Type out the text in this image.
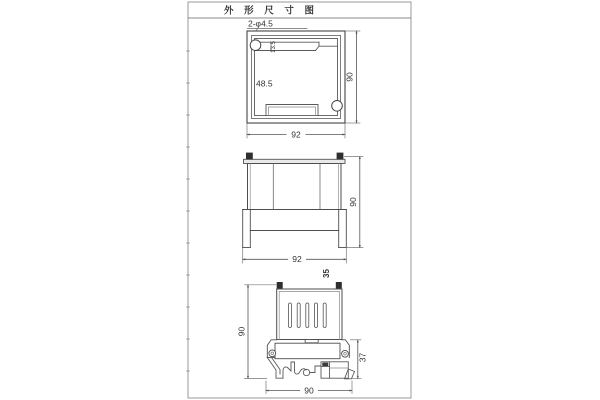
外 形 尺 寸 图
2-φ4.5
48.5
13.5
90
92
90
92
35
90
37
90
